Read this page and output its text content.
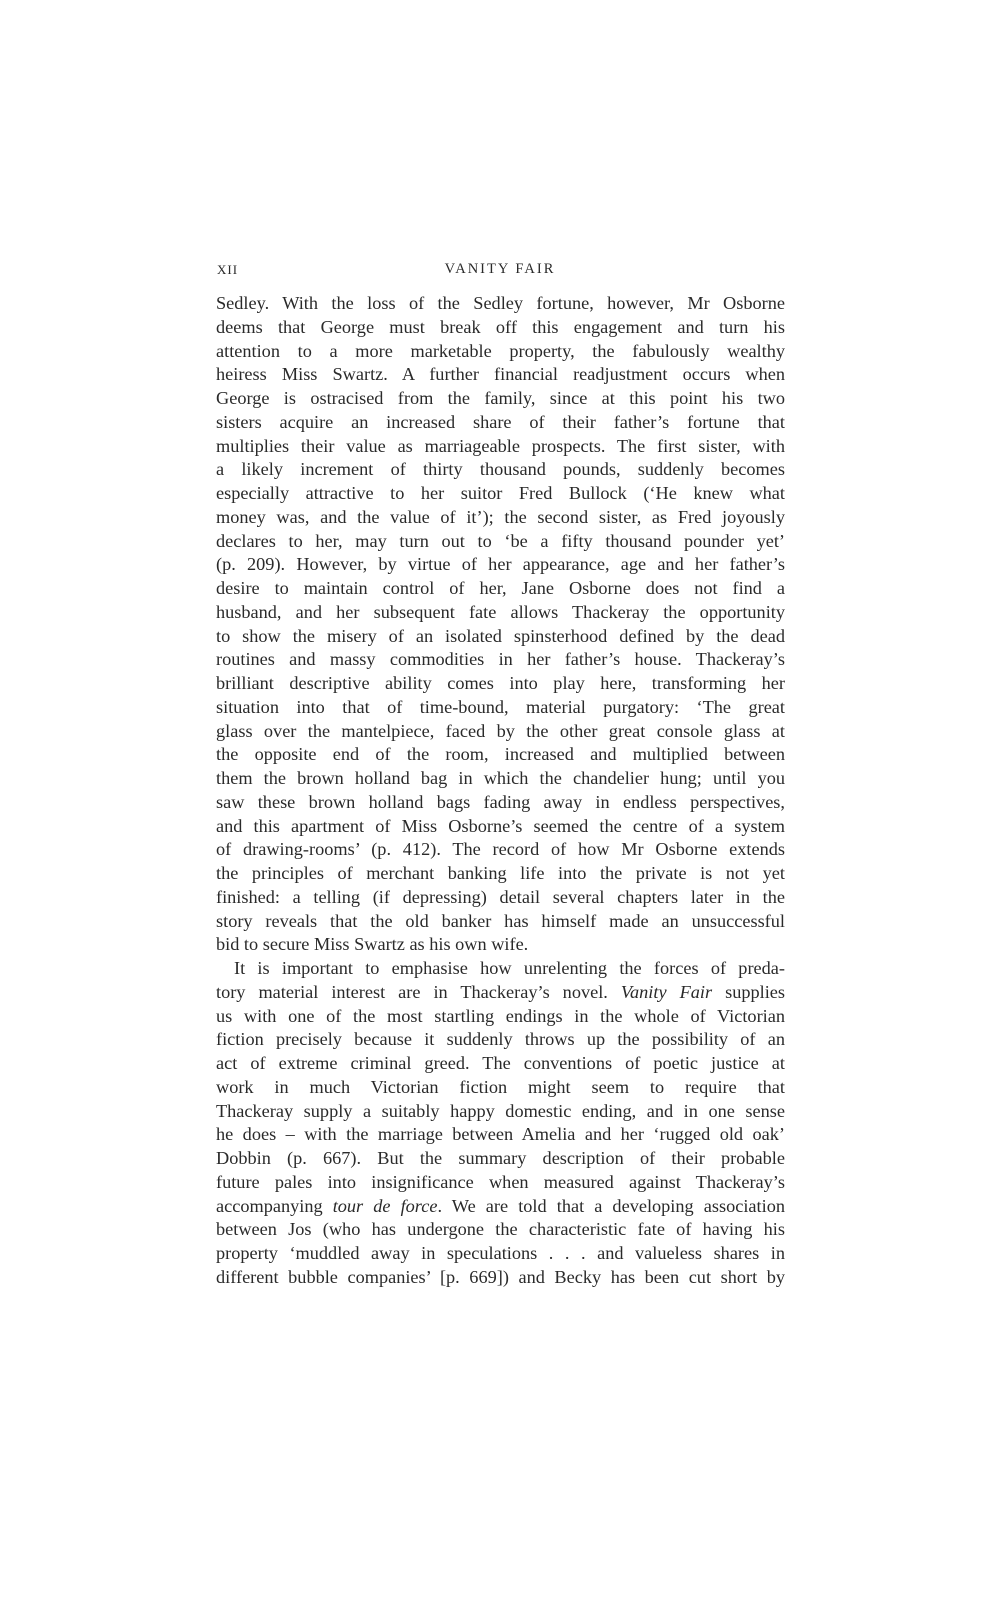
XII	VANITY FAIR
Sedley. With the loss of the Sedley fortune, however, Mr Osborne
deems that George must break off this engagement and turn his
attention to a more marketable property, the fabulously wealthy
heiress Miss Swartz. A further financial readjustment occurs when
George is ostracised from the family, since at this point his two
sisters acquire an increased share of their father’s fortune that
multiplies their value as marriageable prospects. The first sister, with
a likely increment of thirty thousand pounds, suddenly becomes
especially attractive to her suitor Fred Bullock (‘He knew what
money was, and the value of it’); the second sister, as Fred joyously
declares to her, may turn out to ‘be a fifty thousand pounder yet’
(p. 209). However, by virtue of her appearance, age and her father’s
desire to maintain control of her, Jane Osborne does not find a
husband, and her subsequent fate allows Thackeray the opportunity
to show the misery of an isolated spinsterhood defined by the dead
routines and massy commodities in her father’s house. Thackeray’s
brilliant descriptive ability comes into play here, transforming her
situation into that of time-bound, material purgatory: ‘The great
glass over the mantelpiece, faced by the other great console glass at
the opposite end of the room, increased and multiplied between
them the brown holland bag in which the chandelier hung; until you
saw these brown holland bags fading away in endless perspectives,
and this apartment of Miss Osborne’s seemed the centre of a system
of drawing-rooms’ (p. 412). The record of how Mr Osborne extends
the principles of merchant banking life into the private is not yet
finished: a telling (if depressing) detail several chapters later in the
story reveals that the old banker has himself made an unsuccessful
bid to secure Miss Swartz as his own wife.
It is important to emphasise how unrelenting the forces of preda-
tory material interest are in Thackeray’s novel. Vanity Fair supplies
us with one of the most startling endings in the whole of Victorian
fiction precisely because it suddenly throws up the possibility of an
act of extreme criminal greed. The conventions of poetic justice at
work in much Victorian fiction might seem to require that
Thackeray supply a suitably happy domestic ending, and in one sense
he does – with the marriage between Amelia and her ‘rugged old oak’
Dobbin (p. 667). But the summary description of their probable
future pales into insignificance when measured against Thackeray’s
accompanying tour de force. We are told that a developing association
between Jos (who has undergone the characteristic fate of having his
property ‘muddled away in speculations . . . and valueless shares in
different bubble companies’ [p. 669]) and Becky has been cut short by
